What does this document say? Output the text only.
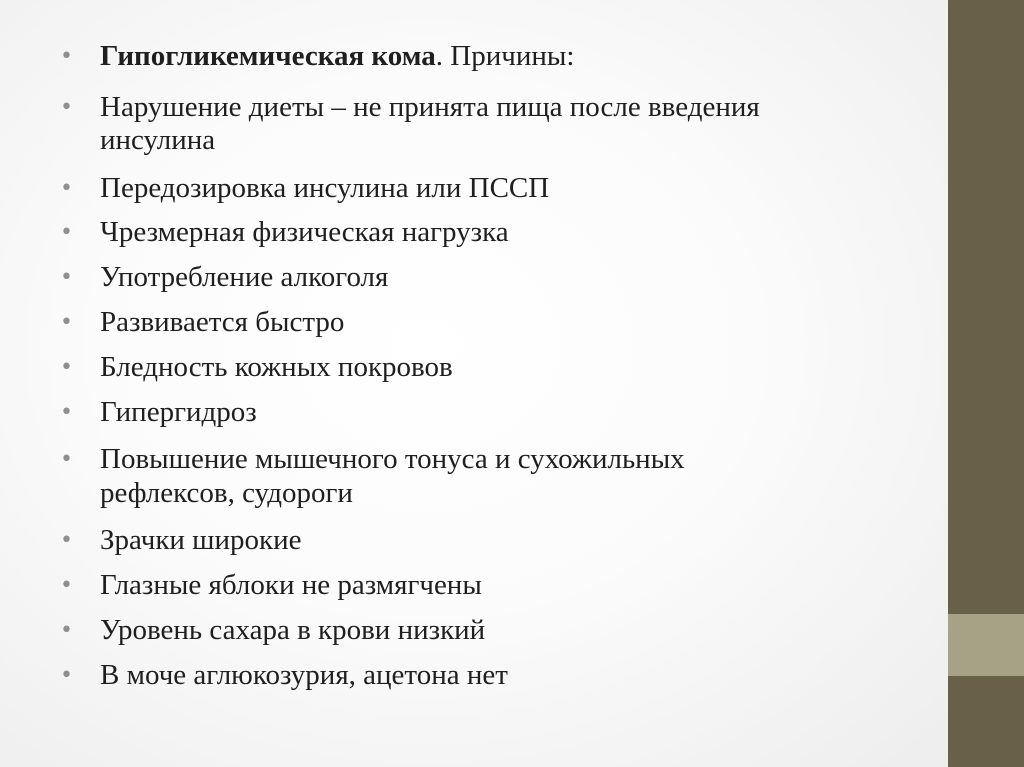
• Гипогликемическая кома. Причины:
• Нарушение диеты – не принята пища после введения
инсулина
• Передозировка инсулина или ПССП
• Чрезмерная физическая нагрузка
• Употребление алкоголя
• Развивается быстро
• Бледность кожных покровов
• Гипергидроз
• Повышение мышечного тонуса и сухожильных
рефлексов, судороги
• Зрачки широкие
• Глазные яблоки не размягчены
• Уровень сахара в крови низкий
• В моче аглюкозурия, ацетона нет
